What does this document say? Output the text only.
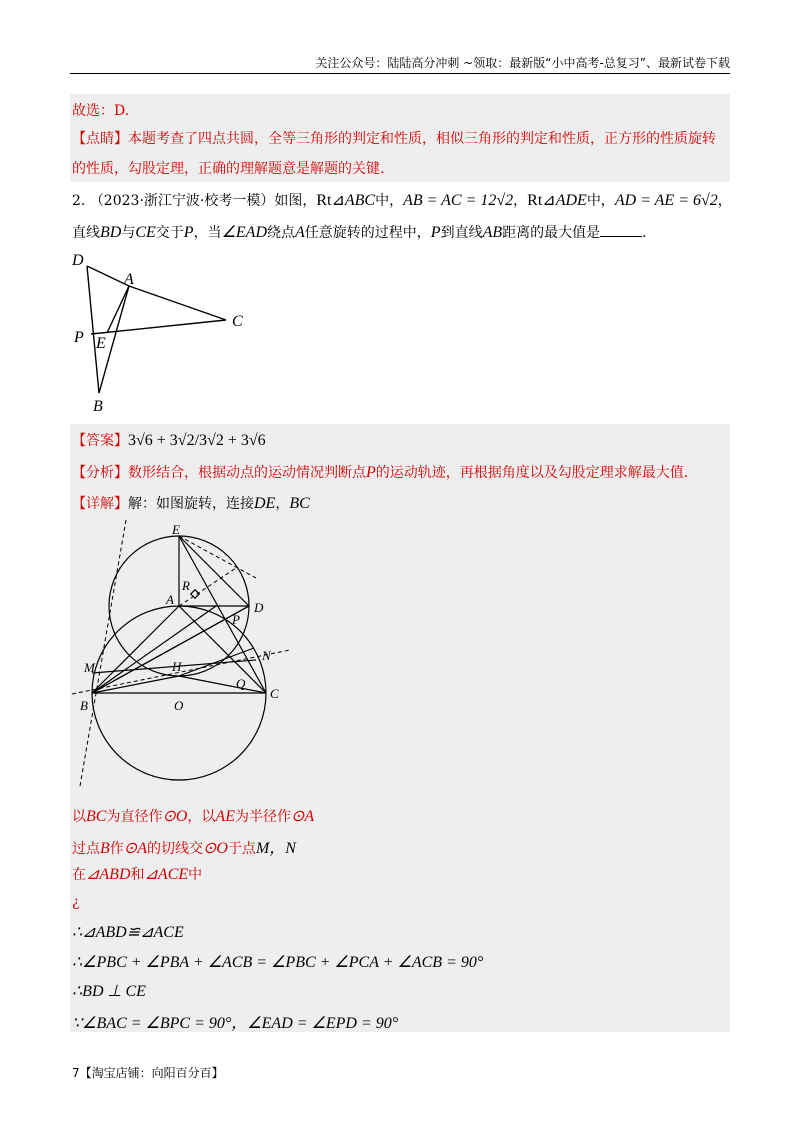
关注公众号：陆陆高分冲刺 ~领取：最新版“小中高考-总复习”、最新试卷下载
故选：D.
【点睛】本题考查了四点共圆，全等三角形的判定和性质，相似三角形的判定和性质，正方形的性质旋转
的性质，勾股定理，正确的理解题意是解题的关键.
2. （2023·浙江宁波·校考一模）如图，Rt⊿ABC中，AB = AC = 12√2，Rt⊿ADE中，AD = AE = 6√2，
直线BD与CE交于P，当∠EAD绕点A任意旋转的过程中，P到直线AB距离的最大值是	.
D
A
C
P E
B
【答案】3√6 + 3√2/3√2 + 3√6
【分析】数形结合，根据动点的运动情况判断点P的运动轨迹，再根据角度以及勾股定理求解最大值.
【详解】解：如图旋转，连接DE，BC
E
R
A
D
P
M
N
H
Q
B	O
C
以BC为直径作⊙O，以AE为半径作⊙A
过点B作⊙A的切线交⊙O于点M，N
在⊿ABD和⊿ACE中
¿
∴⊿ABD≌⊿ACE
∴∠PBC + ∠PBA + ∠ACB = ∠PBC + ∠PCA + ∠ACB = 90°
∴BD ⊥ CE
∵∠BAC = ∠BPC = 90°，∠EAD = ∠EPD = 90°
7【淘宝店铺：向阳百分百】
